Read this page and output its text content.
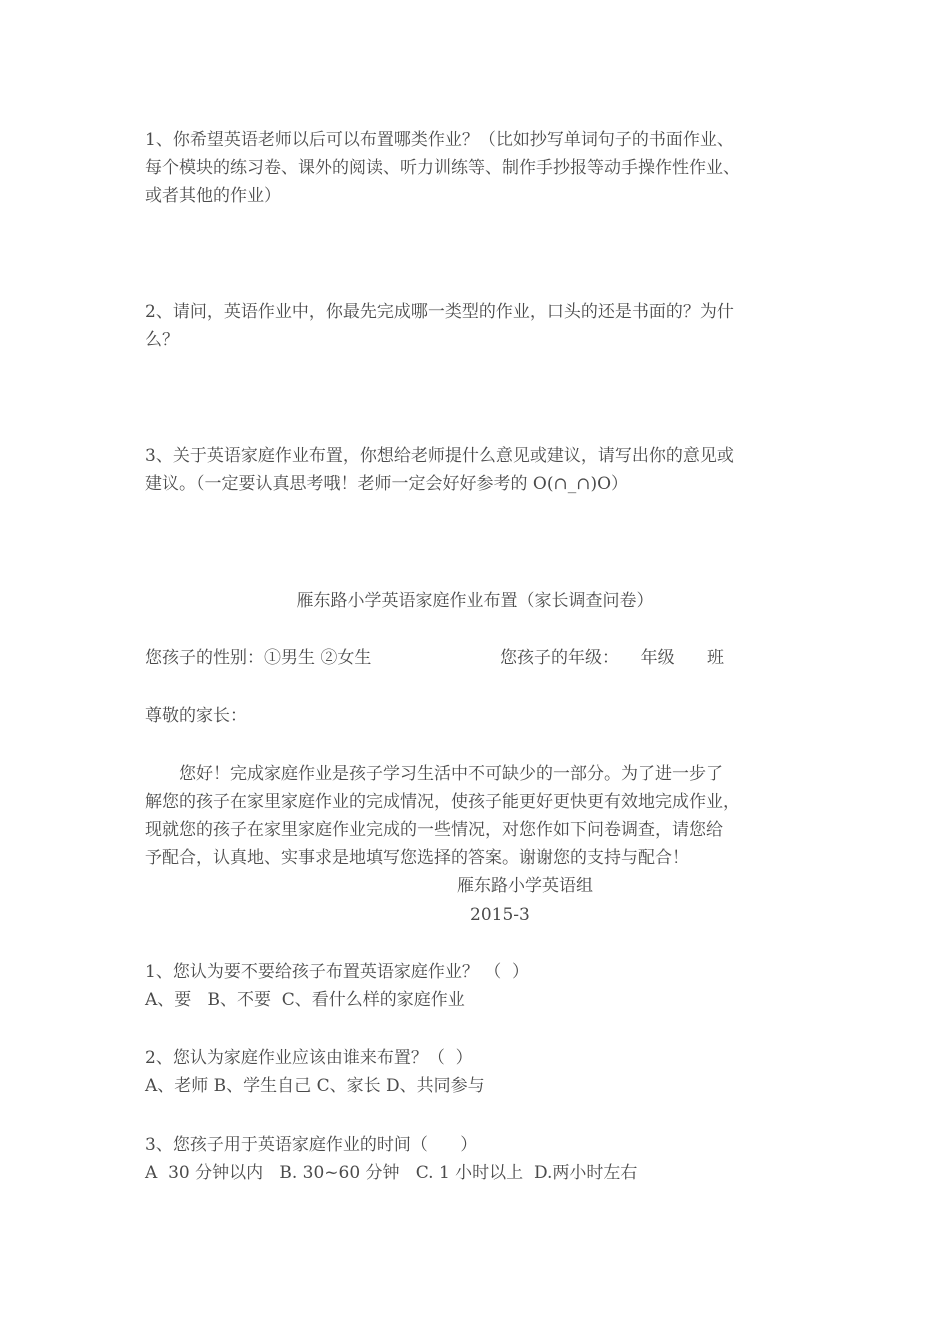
1、你希望英语老师以后可以布置哪类作业？（比如抄写单词句子的书面作业、

每个模块的练习卷、课外的阅读、听力训练等、制作手抄报等动手操作性作业、

或者其他的作业）

2、请问，英语作业中，你最先完成哪一类型的作业，口头的还是书面的？为什

么？

3、关于英语家庭作业布置，你想给老师提什么意见或建议，请写出你的意见或

建议。（一定要认真思考哦！老师一定会好好参考的 O(∩_∩)O）

雁东路小学英语家庭作业布置（家长调查问卷）

您孩子的性别：①男生 ②女生	您孩子的年级：    年级      班

尊敬的家长：

您好！完成家庭作业是孩子学习生活中不可缺少的一部分。为了进一步了

解您的孩子在家里家庭作业的完成情况，使孩子能更好更快更有效地完成作业，

现就您的孩子在家里家庭作业完成的一些情况，对您作如下问卷调查，请您给

予配合，认真地、实事求是地填写您选择的答案。谢谢您的支持与配合！

雁东路小学英语组

2015-3

1、您认为要不要给孩子布置英语家庭作业？ （  ）

A、要   B、不要  C、看什么样的家庭作业

2、您认为家庭作业应该由谁来布置？（  ）

A、老师 B、学生自己 C、家长 D、共同参与

3、您孩子用于英语家庭作业的时间（      ）

A  30 分钟以内   B. 30~60 分钟   C. 1 小时以上  D.两小时左右
